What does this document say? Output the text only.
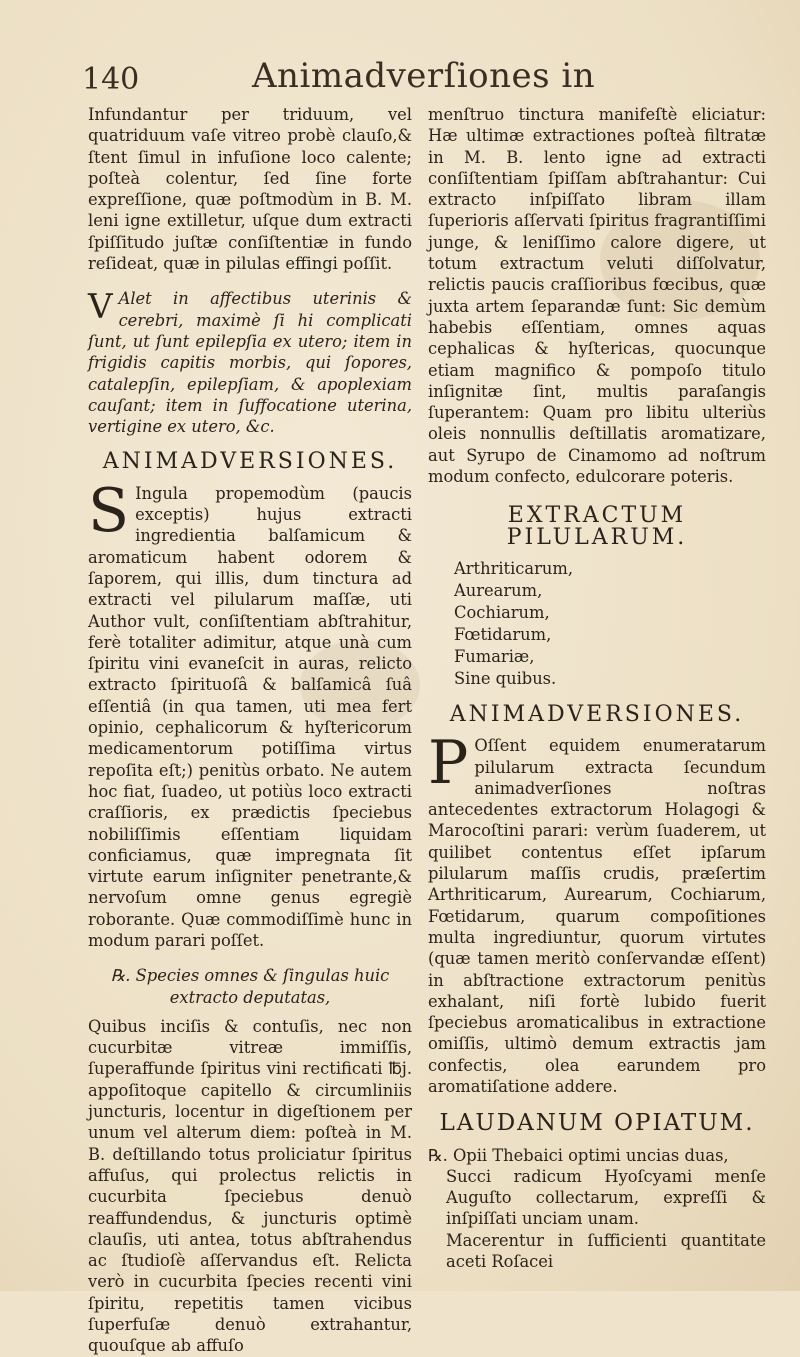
140	Animadverſiones in

Infundantur per triduum, vel quatriduum vaſe vitreo probè clauſo,& ſtent ſimul in infuſione loco calente; poſteà colentur, ſed ſine forte expreſſione, quæ poſtmodùm in B. M. leni igne extilletur, uſque dum extracti ſpiſſitudo juſtæ conſiſtentiæ in fundo reſideat, quæ in pilulas effingi poſſit.

V Alet in affectibus uterinis & cerebri, maximè ſi hi complicati ſunt, ut ſunt epilepſia ex utero; item in frigidis capitis morbis, qui ſopores, catalepſin, epilepſiam, & apoplexiam cauſant; item in ſuffocatione uterina, vertigine ex utero, &c.

ANIMADVERSIONES.

S Ingula propemodùm (paucis exceptis) hujus extracti ingredientia balſamicum & aromaticum habent odorem & ſaporem, qui illis, dum tinctura ad extracti vel pilularum maſſæ, uti Author vult, conſiſtentiam abſtrahitur, ferè totaliter adimitur, atque unà cum ſpiritu vini evaneſcit in auras, relicto extracto ſpirituoſâ & balſamicâ ſuâ eſſentiâ (in qua tamen, uti mea fert opinio, cephalicorum & hyſtericorum medicamentorum potiſſima virtus repoſita eſt;) penitùs orbato. Ne autem hoc fiat, ſuadeo, ut potiùs loco extracti craſſioris, ex prædictis ſpeciebus nobiliſſimis eſſentiam liquidam conficiamus, quæ impregnata ſit virtute earum inſigniter penetrante,& nervoſum omne genus egregiè roborante. Quæ commodiſſimè hunc in modum parari poſſet.

℞. Species omnes & ſingulas huic extracto deputatas,

Quibus inciſis & contuſis, nec non cucurbitæ vitreæ immiſſis, ſuperaffunde ſpiritus vini rectificati ℔j. appoſitoque capitello & circumliniis juncturis, locentur in digeſtionem per unum vel alterum diem: poſteà in M. B. deſtillando totus proliciatur ſpiritus affuſus, qui prolectus relictis in cucurbita ſpeciebus denuò reaffundendus, & juncturis optimè clauſis, uti antea, totus abſtrahendus ac ſtudioſè aſſervandus eſt. Relicta verò in cucurbita ſpecies recenti vini ſpiritu, repetitis tamen vicibus ſuperfuſæ denuò extrahantur, quouſque ab affuſo

menſtruo tinctura manifeſtè eliciatur: Hæ ultimæ extractiones poſteà filtratæ in M. B. lento igne ad extracti conſiſtentiam ſpiſſam abſtrahantur: Cui extracto inſpiſſato libram illam ſuperioris aſſervati ſpiritus fragrantiſſimi junge, & leniſſimo calore digere, ut totum extractum veluti diſſolvatur, relictis paucis craſſioribus fœcibus, quæ juxta artem ſeparandæ ſunt: Sic demùm habebis eſſentiam, omnes aquas cephalicas & hyſtericas, quocunque etiam magnifico & pompoſo titulo inſignitæ ſint, multis paraſangis ſuperantem: Quam pro libitu ulteriùs oleis nonnullis deſtillatis aromatizare, aut Syrupo de Cinamomo ad noſtrum modum confecto, edulcorare poteris.

EXTRACTUM PILULARUM.
Arthriticarum,
Aurearum,
Cochiarum,
Fœtidarum,
Fumariæ,
Sine quibus.
ANIMADVERSIONES.

P Oſſent equidem enumeratarum pilularum extracta ſecundum animadverſiones noſtras antecedentes extractorum Holagogi & Marocoſtini parari: verùm ſuaderem, ut quilibet contentus eſſet ipſarum pilularum maſſis crudis, præſertim Arthriticarum, Aurearum, Cochiarum, Fœtidarum, quarum compoſitiones multa ingrediuntur, quorum virtutes (quæ tamen meritò conſervandæ eſſent) in abſtractione extractorum penitùs exhalant, niſi fortè lubido fuerit ſpeciebus aromaticalibus in extractione omiſſis, ultimò demum extractis jam confectis, olea earundem pro aromatiſatione addere.

LAUDANUM OPIATUM.

℞. Opii Thebaici optimi uncias duas,

Succi radicum Hyoſcyami menſe Auguſto collectarum, expreſſi & inſpiſſati unciam unam.

Macerentur in ſufficienti quantitate aceti Roſacei
